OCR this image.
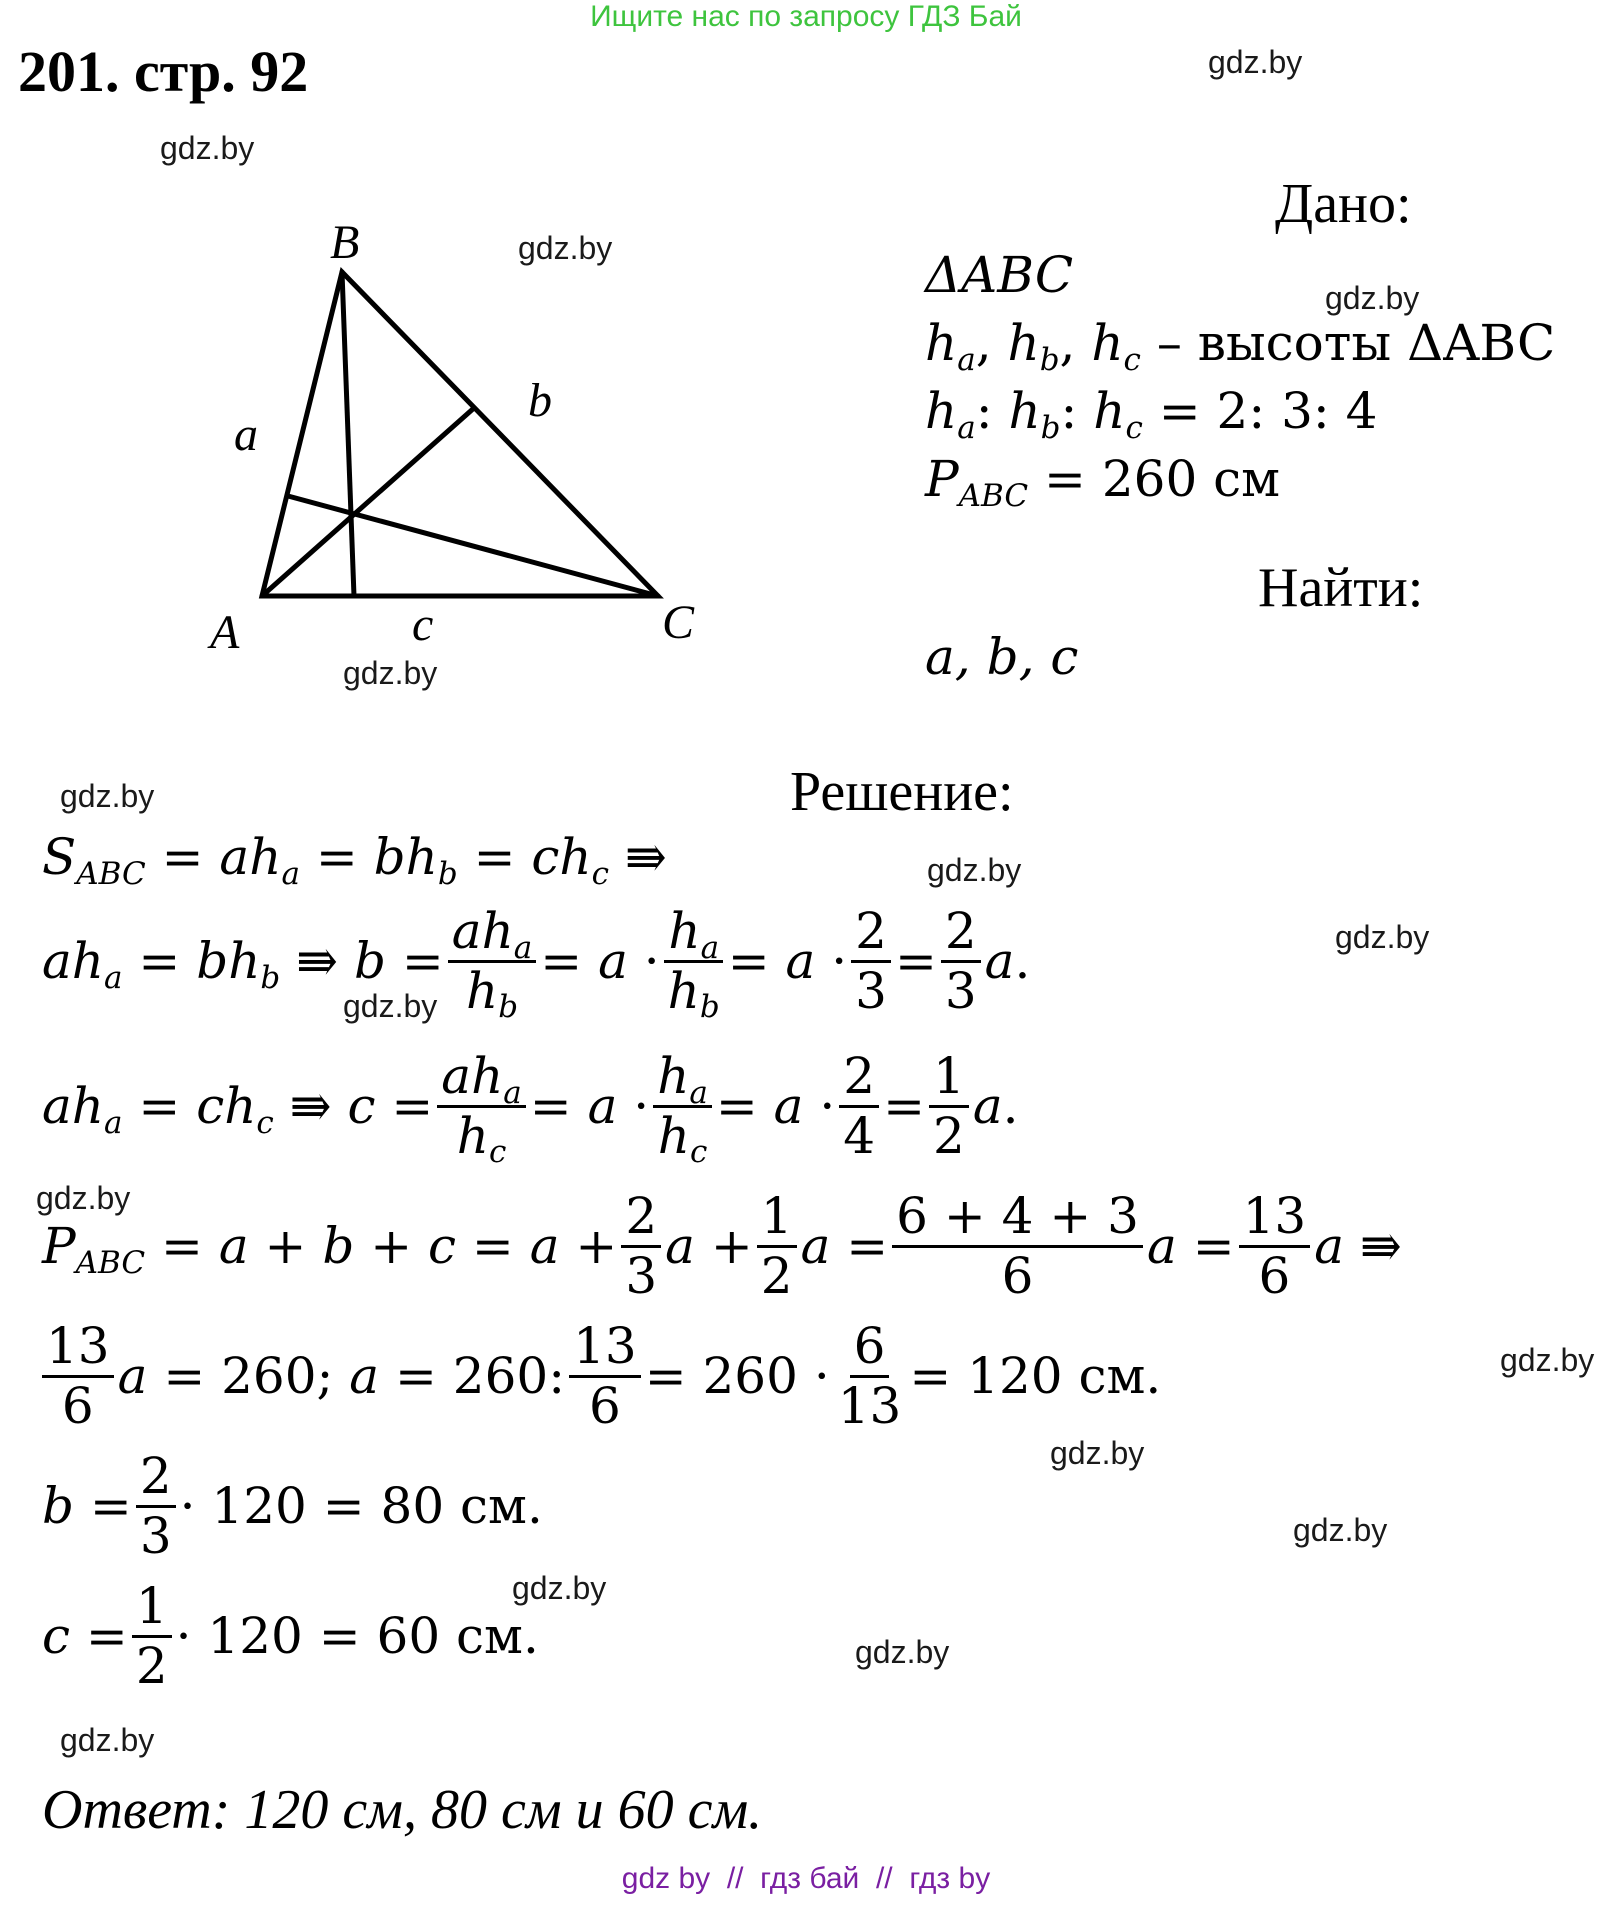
Ищите нас по запросу ГДЗ Бай
201. стр. 92	gdz.by
gdz.by
gdz.by
gdz.by
gdz.by
gdz.by
gdz.by
gdz.by
gdz.by
gdz.by
gdz.by
gdz.by
gdz.by
gdz.by
gdz.by
gdz.by
B
A	C
a
b
c
Дано:
ΔABC
ha, hb, hc – высоты ΔABC
ha: hb: hc = 2: 3: 4
PABC = 260 см
Найти:
a, b, c
Решение:
SABC = aha = bhb = chc ⇛
aha = bhb ⇛ $b = \frac{\text{aha}}{hb} = a \cdot \frac{ha}{hb} = a \cdot \frac{2}{3} = \frac{2}{3} a$.
aha = chc ⇛ $c = \frac{\text{aha}}{hc} = a \cdot \frac{ha}{hc} = a \cdot \frac{2}{4} = \frac{1}{2} a$.
PABC = $a + b + c = a + \frac{2}{3}$ $a + \frac{1}{2}$ $a = \frac{6 + 4 + 3}{6}$ $a = \frac{13}{6}$ a ⇛
$\frac{13}{6}$ a = 260; a = 260: $\frac{13}{6} = 260 \cdot \frac{6}{13} = 120$ см.
$b = \frac{2}{3} \cdot 120 = 80$ см.
$c = \frac{1}{2} \cdot 120 = 60$ см.
Ответ: 120 см, 80 см и 60 см.
gdz by  //  гдз бай  //  гдз by
